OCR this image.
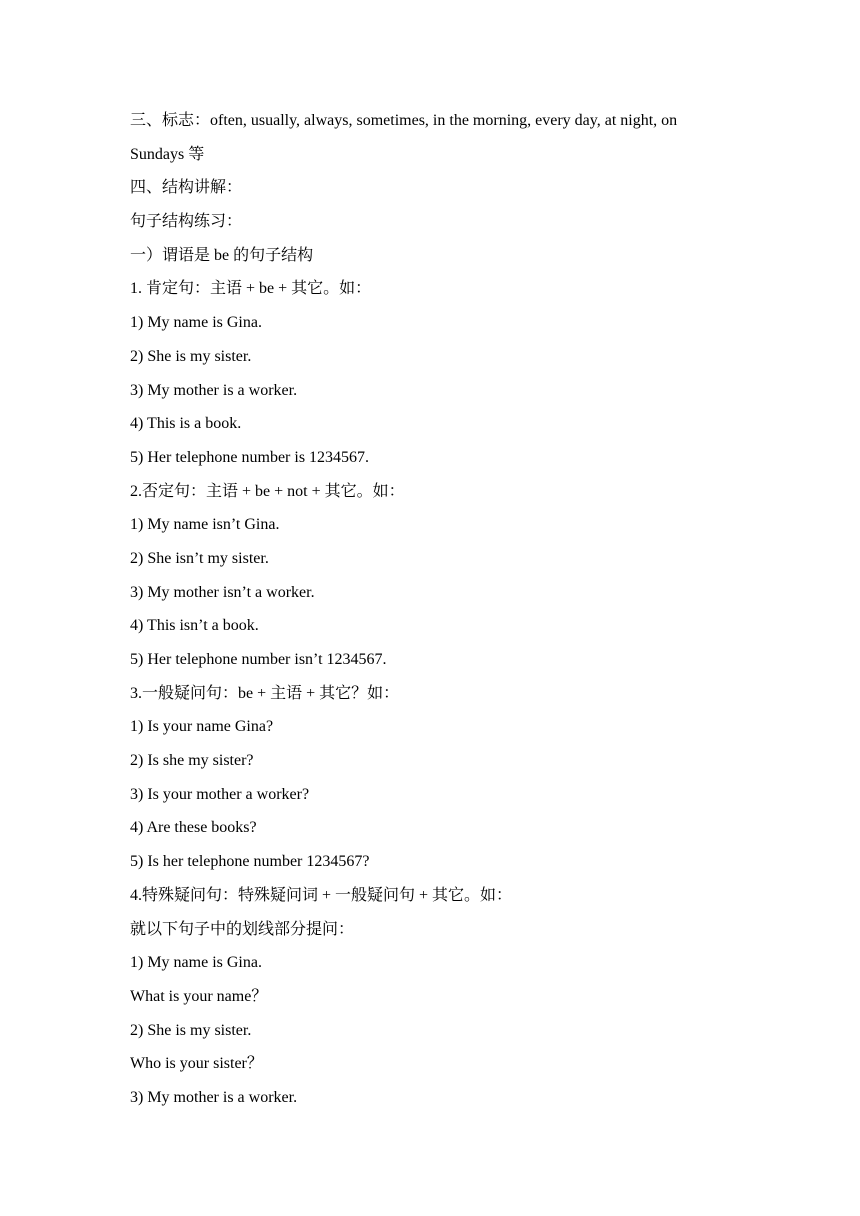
三、标志：often, usually, always, sometimes, in the morning, every day, at night, on
Sundays 等
四、结构讲解：
句子结构练习：
一）谓语是 be 的句子结构
1. 肯定句：主语 + be + 其它。如：
1) My name is Gina.
2) She is my sister.
3) My mother is a worker.
4) This is a book.
5) Her telephone number is 1234567.
2.否定句：主语 + be + not + 其它。如：
1) My name isn’t Gina.
2) She isn’t my sister.
3) My mother isn’t a worker.
4) This isn’t a book.
5) Her telephone number isn’t 1234567.
3.一般疑问句：be + 主语 + 其它？如：
1) Is your name Gina?
2) Is she my sister?
3) Is your mother a worker?
4) Are these books?
5) Is her telephone number 1234567?
4.特殊疑问句：特殊疑问词 + 一般疑问句 + 其它。如：
就以下句子中的划线部分提问：
1) My name is Gina.
What is your name？
2) She is my sister.
Who is your sister？
3) My mother is a worker.
